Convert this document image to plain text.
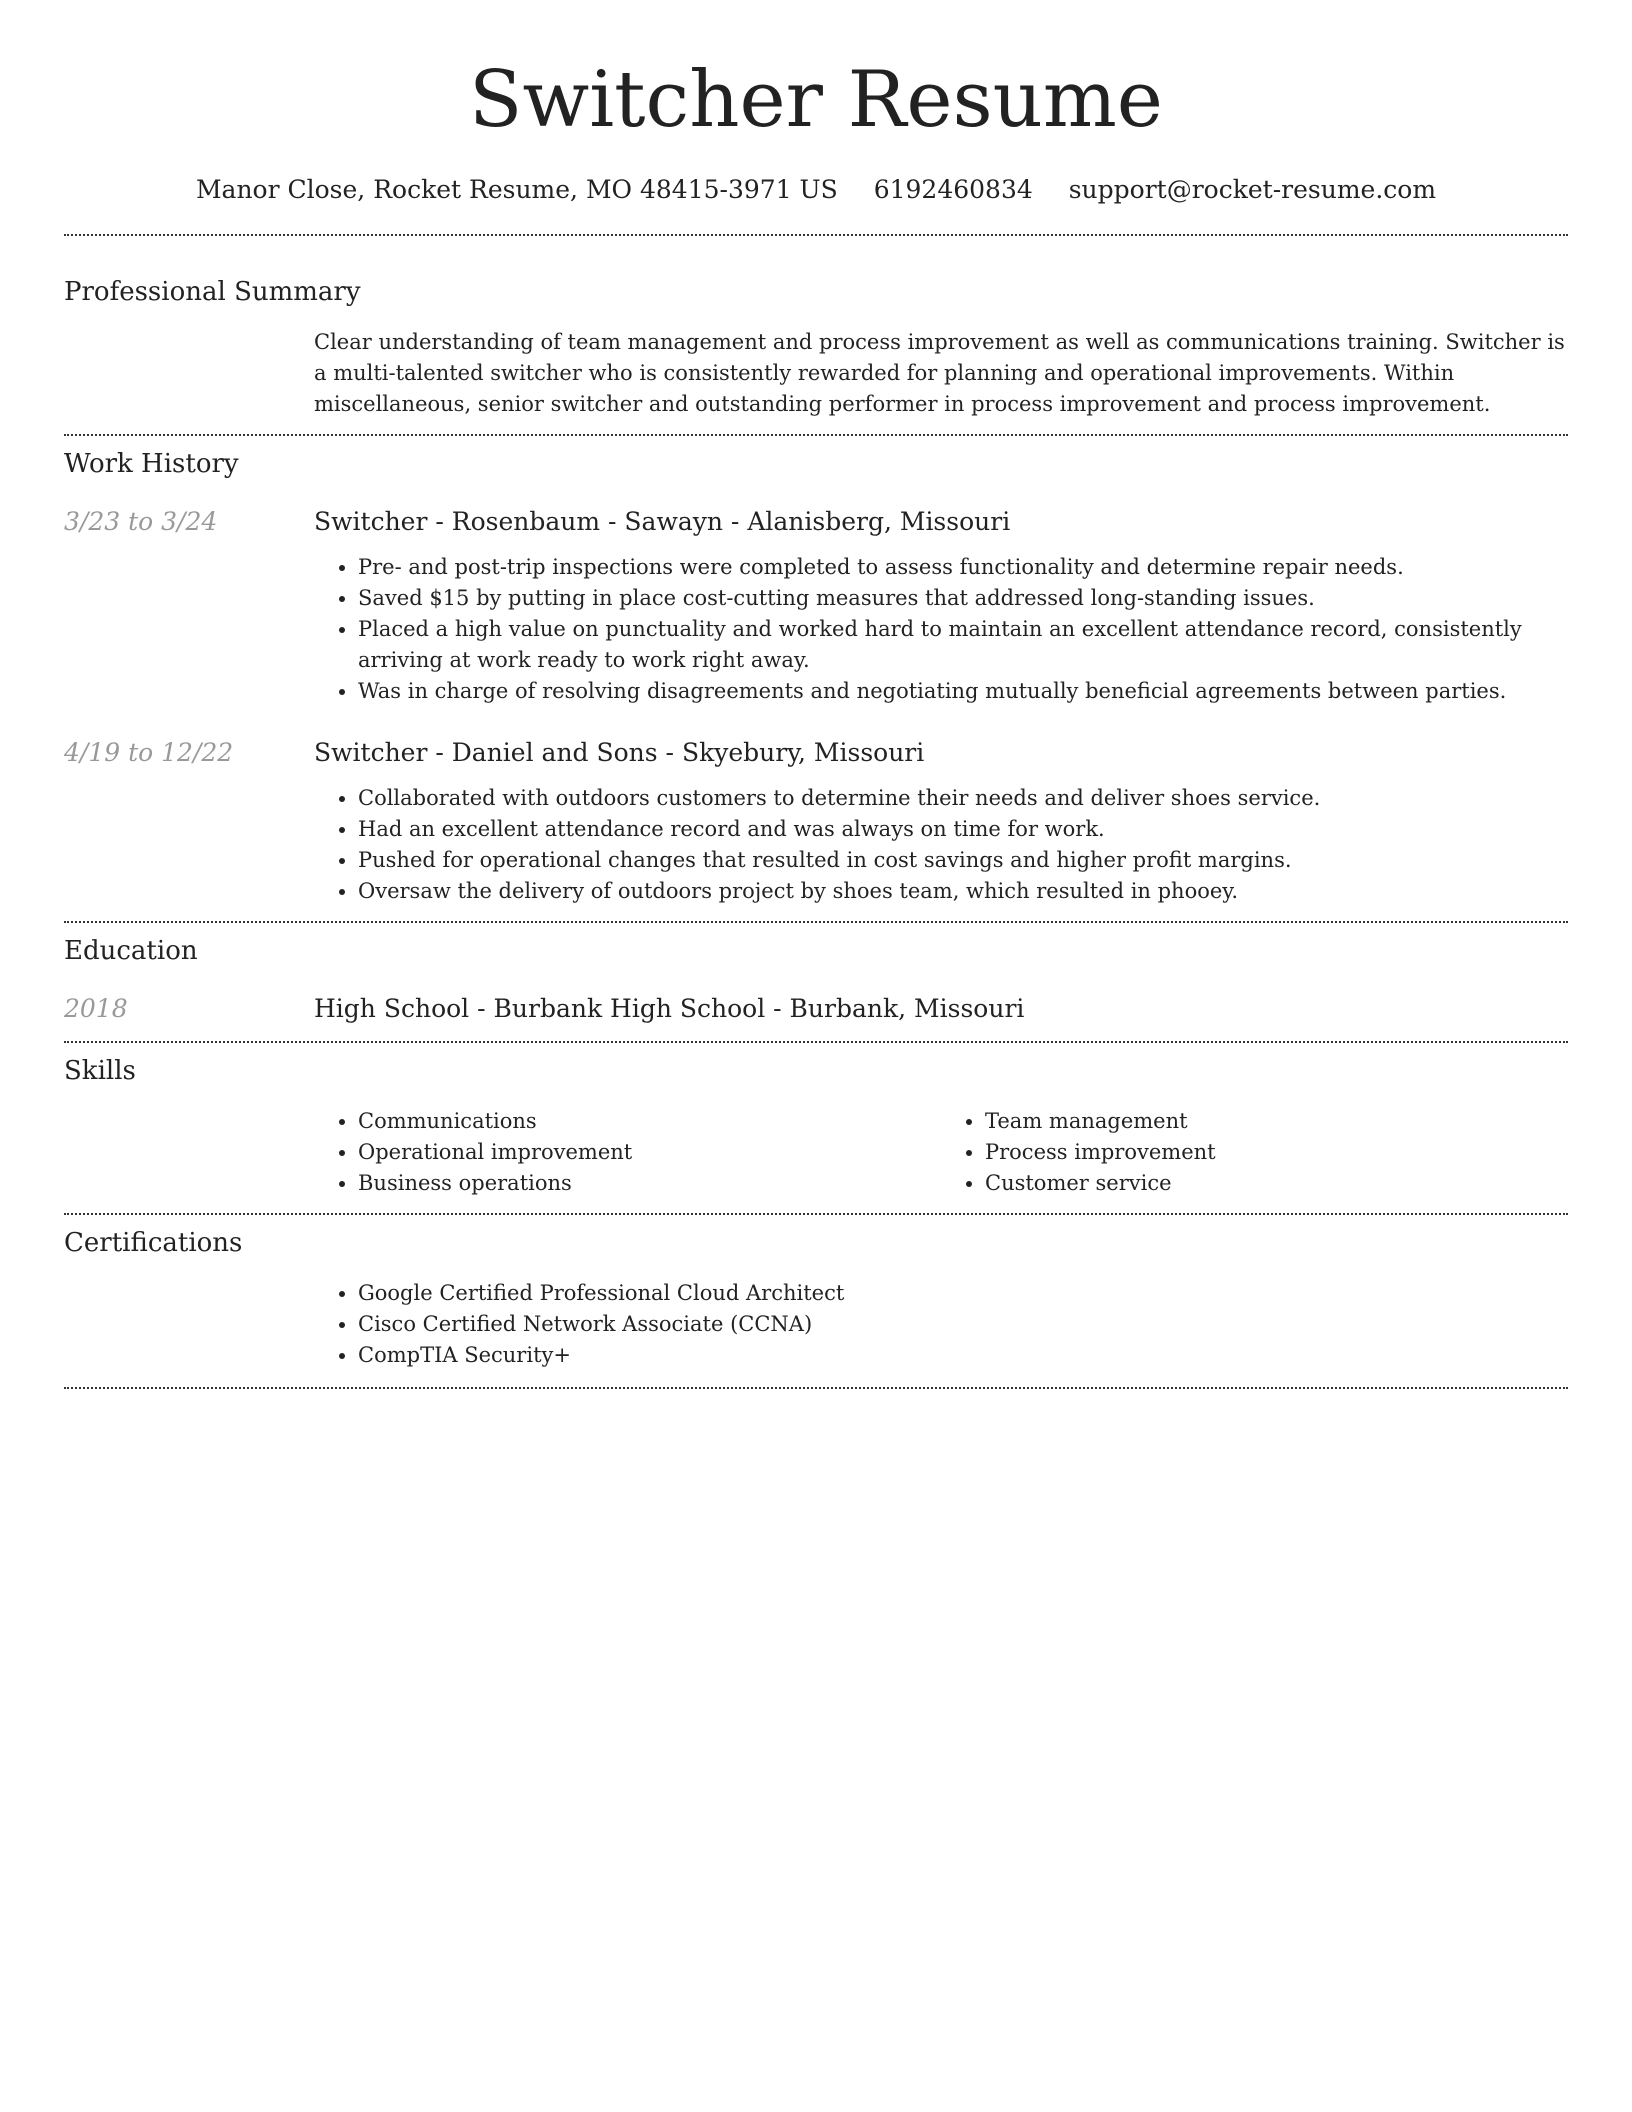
Switcher Resume
Manor Close, Rocket Resume, MO 48415-3971 US 6192460834 support@rocket-resume.com
Professional Summary
Clear understanding of team management and process improvement as well as communications training. Switcher is a multi-talented switcher who is consistently rewarded for planning and operational improvements. Within miscellaneous, senior switcher and outstanding performer in process improvement and process improvement.
Work History
3/23 to 3/24	Switcher - Rosenbaum - Sawayn - Alanisberg, Missouri
• Pre- and post-trip inspections were completed to assess functionality and determine repair needs.
• Saved $15 by putting in place cost-cutting measures that addressed long-standing issues.
• Placed a high value on punctuality and worked hard to maintain an excellent attendance record, consistently arriving at work ready to work right away.
• Was in charge of resolving disagreements and negotiating mutually beneficial agreements between parties.
4/19 to 12/22	Switcher - Daniel and Sons - Skyebury, Missouri
• Collaborated with outdoors customers to determine their needs and deliver shoes service.
• Had an excellent attendance record and was always on time for work.
• Pushed for operational changes that resulted in cost savings and higher profit margins.
• Oversaw the delivery of outdoors project by shoes team, which resulted in phooey.
Education
2018	High School - Burbank High School - Burbank, Missouri
Skills
• Communications
• Operational improvement
• Business operations
• Team management
• Process improvement
• Customer service
Certifications
• Google Certified Professional Cloud Architect
• Cisco Certified Network Associate (CCNA)
• CompTIA Security+
